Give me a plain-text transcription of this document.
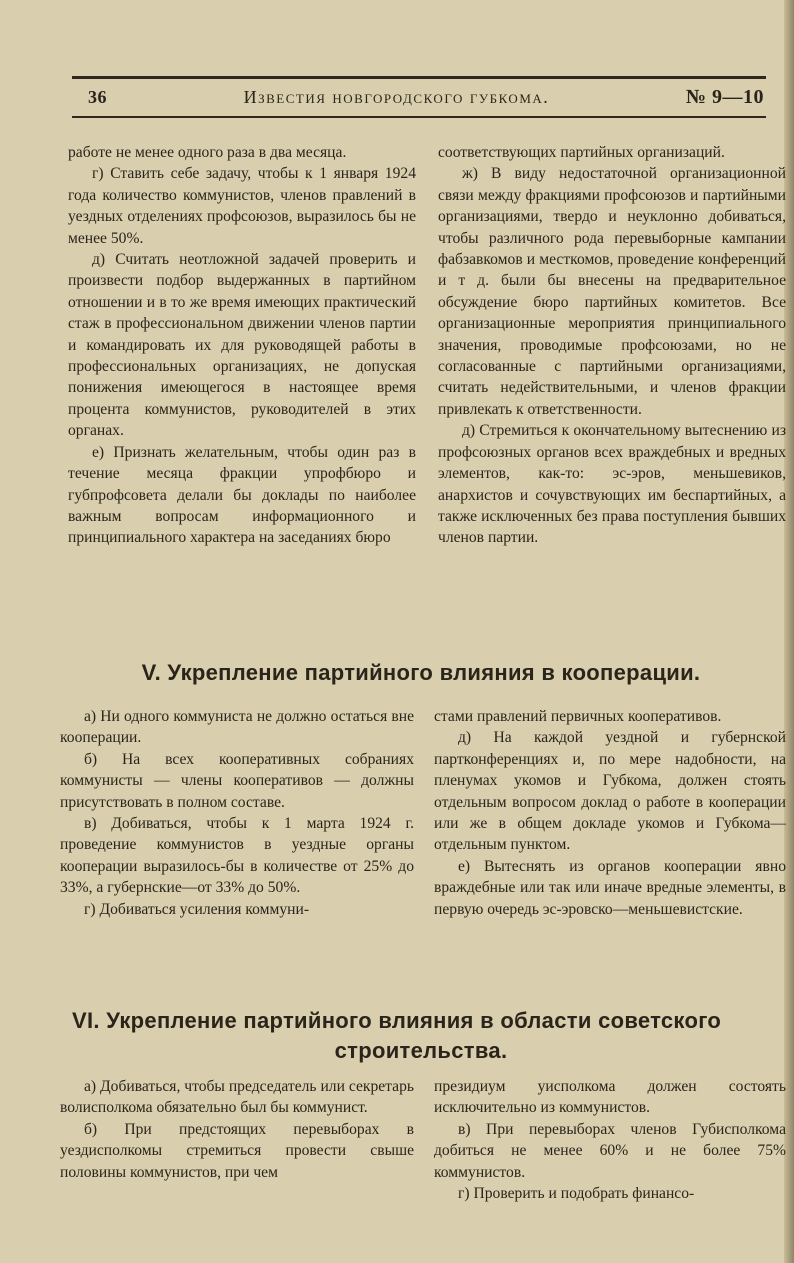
36	Известия новгородского губкома.	№ 9—10

работе не менее одного раза в два месяца.

г) Ставить себе задачу, чтобы к 1 января 1924 года количество коммунистов, членов правлений в уездных отделениях профсоюзов, выразилось бы не менее 50%.

д) Считать неотложной задачей проверить и произвести подбор выдержанных в партийном отношении и в то же время имеющих практический стаж в профессиональном движении членов партии и командировать их для руководящей работы в профессиональных организациях, не допуская понижения имеющегося в настоящее время процента коммунистов, руководителей в этих органах.

е) Признать желательным, чтобы один раз в течение месяца фракции упрофбюро и губпрофсовета делали бы доклады по наиболее важным вопросам информационного и принципиального характера на заседаниях бюро

соответствующих партийных организаций.

ж) В виду недостаточной организационной связи между фракциями профсоюзов и партийными организациями, твердо и неуклонно добиваться, чтобы различного рода перевыборные кампании фабзавкомов и месткомов, проведение конференций и т д. были бы внесены на предварительное обсуждение бюро партийных комитетов. Все организационные мероприятия принципиального значения, проводимые профсоюзами, но не согласованные с партийными организациями, считать недействительными, и членов фракции привлекать к ответственности.

д) Стремиться к окончательному вытеснению из профсоюзных органов всех враждебных и вредных элементов, как-то: эс-эров, меньшевиков, анархистов и сочувствующих им беспартийных, а также исключенных без права поступления бывших членов партии.

V. Укрепление партийного влияния в кооперации.

а) Ни одного коммуниста не должно остаться вне кооперации.

б) На всех кооперативных собраниях коммунисты — члены кооперативов — должны присутствовать в полном составе.

в) Добиваться, чтобы к 1 марта 1924 г. проведение коммунистов в уездные органы кооперации выразилось-бы в количестве от 25% до 33%, а губернские—от 33% до 50%.

г) Добиваться усиления коммуни-

стами правлений первичных кооперативов.

д) На каждой уездной и губернской партконференциях и, по мере надобности, на пленумах укомов и Губкома, должен стоять отдельным вопросом доклад о работе в кооперации или же в общем докладе укомов и Губкома—отдельным пунктом.

е) Вытеснять из органов кооперации явно враждебные или так или иначе вредные элементы, в первую очередь эс-эровско—меньшевистские.

VI. Укрепление партийного влияния в области советского
строительства.

а) Добиваться, чтобы председатель или секретарь волисполкома обязательно был бы коммунист.

б) При предстоящих перевыборах в уездисполкомы стремиться провести свыше половины коммунистов, при чем

президиум уисполкома должен состоять исключительно из коммунистов.

в) При перевыборах членов Губисполкома добиться не менее 60% и не более 75% коммунистов.

г) Проверить и подобрать финансо-
